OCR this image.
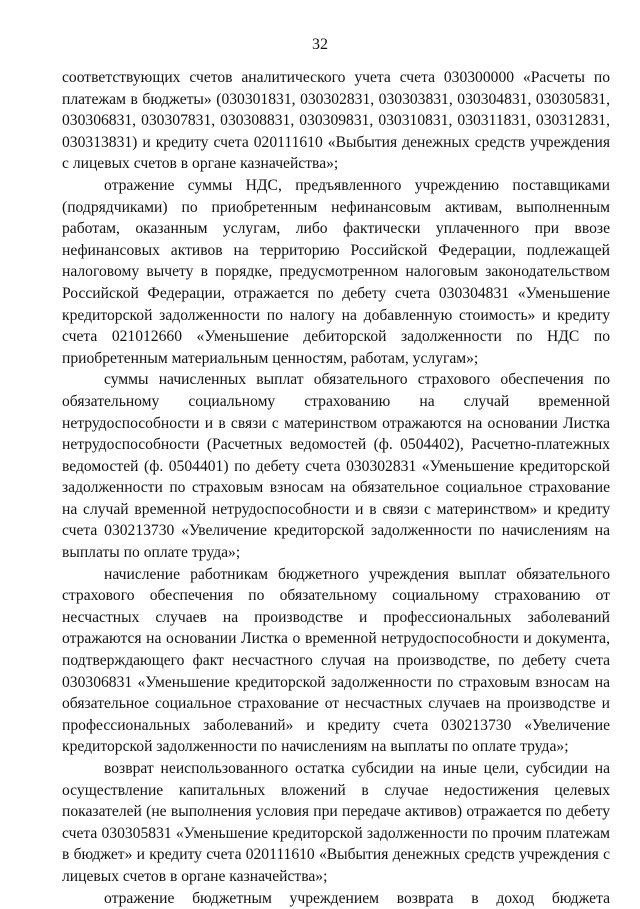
32

соответствующих счетов аналитического учета счета 030300000 «Расчеты по платежам в бюджеты» (030301831, 030302831, 030303831, 030304831, 030305831, 030306831, 030307831, 030308831, 030309831, 030310831, 030311831, 030312831, 030313831) и кредиту счета 020111610 «Выбытия денежных средств учреждения с лицевых счетов в органе казначейства»;

отражение суммы НДС, предъявленного учреждению поставщиками (подрядчиками) по приобретенным нефинансовым активам, выполненным работам, оказанным услугам, либо фактически уплаченного при ввозе нефинансовых активов на территорию Российской Федерации, подлежащей налоговому вычету в порядке, предусмотренном налоговым законодательством Российской Федерации, отражается по дебету счета 030304831 «Уменьшение кредиторской задолженности по налогу на добавленную стоимость» и кредиту счета 021012660 «Уменьшение дебиторской задолженности по НДС по приобретенным материальным ценностям, работам, услугам»;

суммы начисленных выплат обязательного страхового обеспечения по обязательному социальному страхованию на случай временной нетрудоспособности и в связи с материнством отражаются на основании Листка нетрудоспособности (Расчетных ведомостей (ф. 0504402), Расчетно-платежных ведомостей (ф. 0504401) по дебету счета 030302831 «Уменьшение кредиторской задолженности по страховым взносам на обязательное социальное страхование на случай временной нетрудоспособности и в связи с материнством» и кредиту счета 030213730 «Увеличение кредиторской задолженности по начислениям на выплаты по оплате труда»;

начисление работникам бюджетного учреждения выплат обязательного страхового обеспечения по обязательному социальному страхованию от несчастных случаев на производстве и профессиональных заболеваний отражаются на основании Листка о временной нетрудоспособности и документа, подтверждающего факт несчастного случая на производстве, по дебету счета 030306831 «Уменьшение кредиторской задолженности по страховым взносам на обязательное социальное страхование от несчастных случаев на производстве и профессиональных заболеваний» и кредиту счета 030213730 «Увеличение кредиторской задолженности по начислениям на выплаты по оплате труда»;

возврат неиспользованного остатка субсидии на иные цели, субсидии на осуществление капитальных вложений в случае недостижения целевых показателей (не выполнения условия при передаче активов) отражается по дебету счета 030305831 «Уменьшение кредиторской задолженности по прочим платежам в бюджет» и кредиту счета 020111610 «Выбытия денежных средств учреждения с лицевых счетов в органе казначейства»;

отражение бюджетным учреждением возврата в доход бюджета
